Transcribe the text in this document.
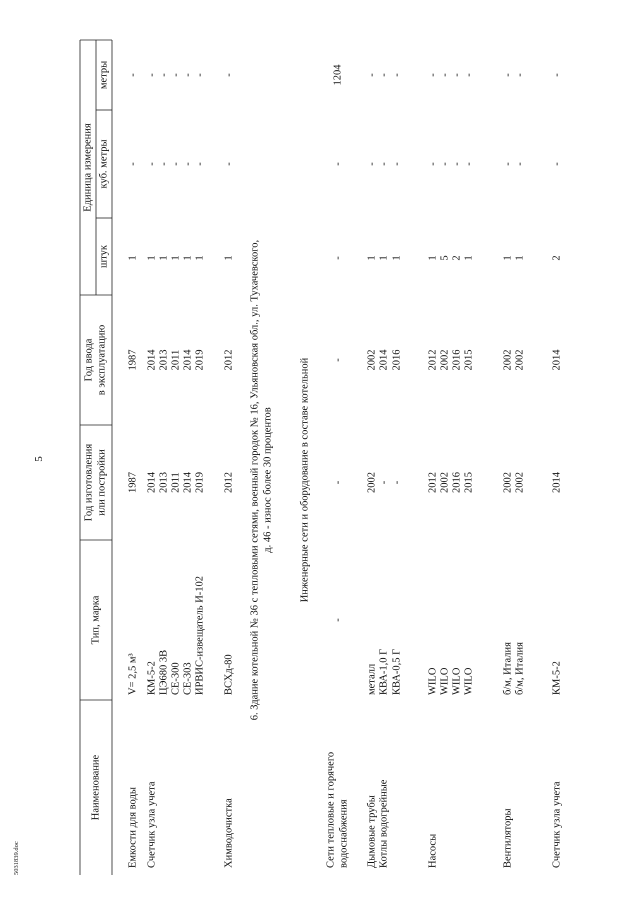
5
5031839.doc
Наименование
Тип, марка
Год изготовления или постройки
Год ввода в эксплуатацию
Единица измерения
штук
куб. метры
метры
Емкости для воды
V= 2,5 м³
1987
1987
1
-
-
Счетчик узла учета
КМ-5-2
2014
2014
1
-
-
ЦЭ680 3В
2013
2013
1
-
-
СЕ-300
2011
2011
1
-
-
СЕ-303
2014
2014
1
-
-
ИРВИС-извещатель И-102
2019
2019
1
-
-
Химводочистка
ВСХд-80
2012
2012
1
-
-
6. Здание котельной № 36 с тепловыми сетями, военный городок № 16, Ульяновская обл., ул. Тухачевского, д. 46 - износ более 30 процентов Инженерные сети и оборудование в составе котельной
Сети тепловые и горячего водоснабжения
-
-
-
-
-
1204
Дымовые трубы
металл
2002
2002
1
-
-
Котлы водогрейные
КВА-1,0 Г
-
2014
1
-
-
КВА-0,5 Г
-
2016
1
-
-
Насосы
WILO
2012
2012
1
-
-
WILO
2002
2002
5
-
-
WILO
2016
2016
2
-
-
WILO
2015
2015
1
-
-
Вентиляторы
б/м, Италия
2002
2002
1
-
-
б/м, Италия
2002
2002
1
-
-
Счетчик узла учета
КМ-5-2
2014
2014
2
-
-
